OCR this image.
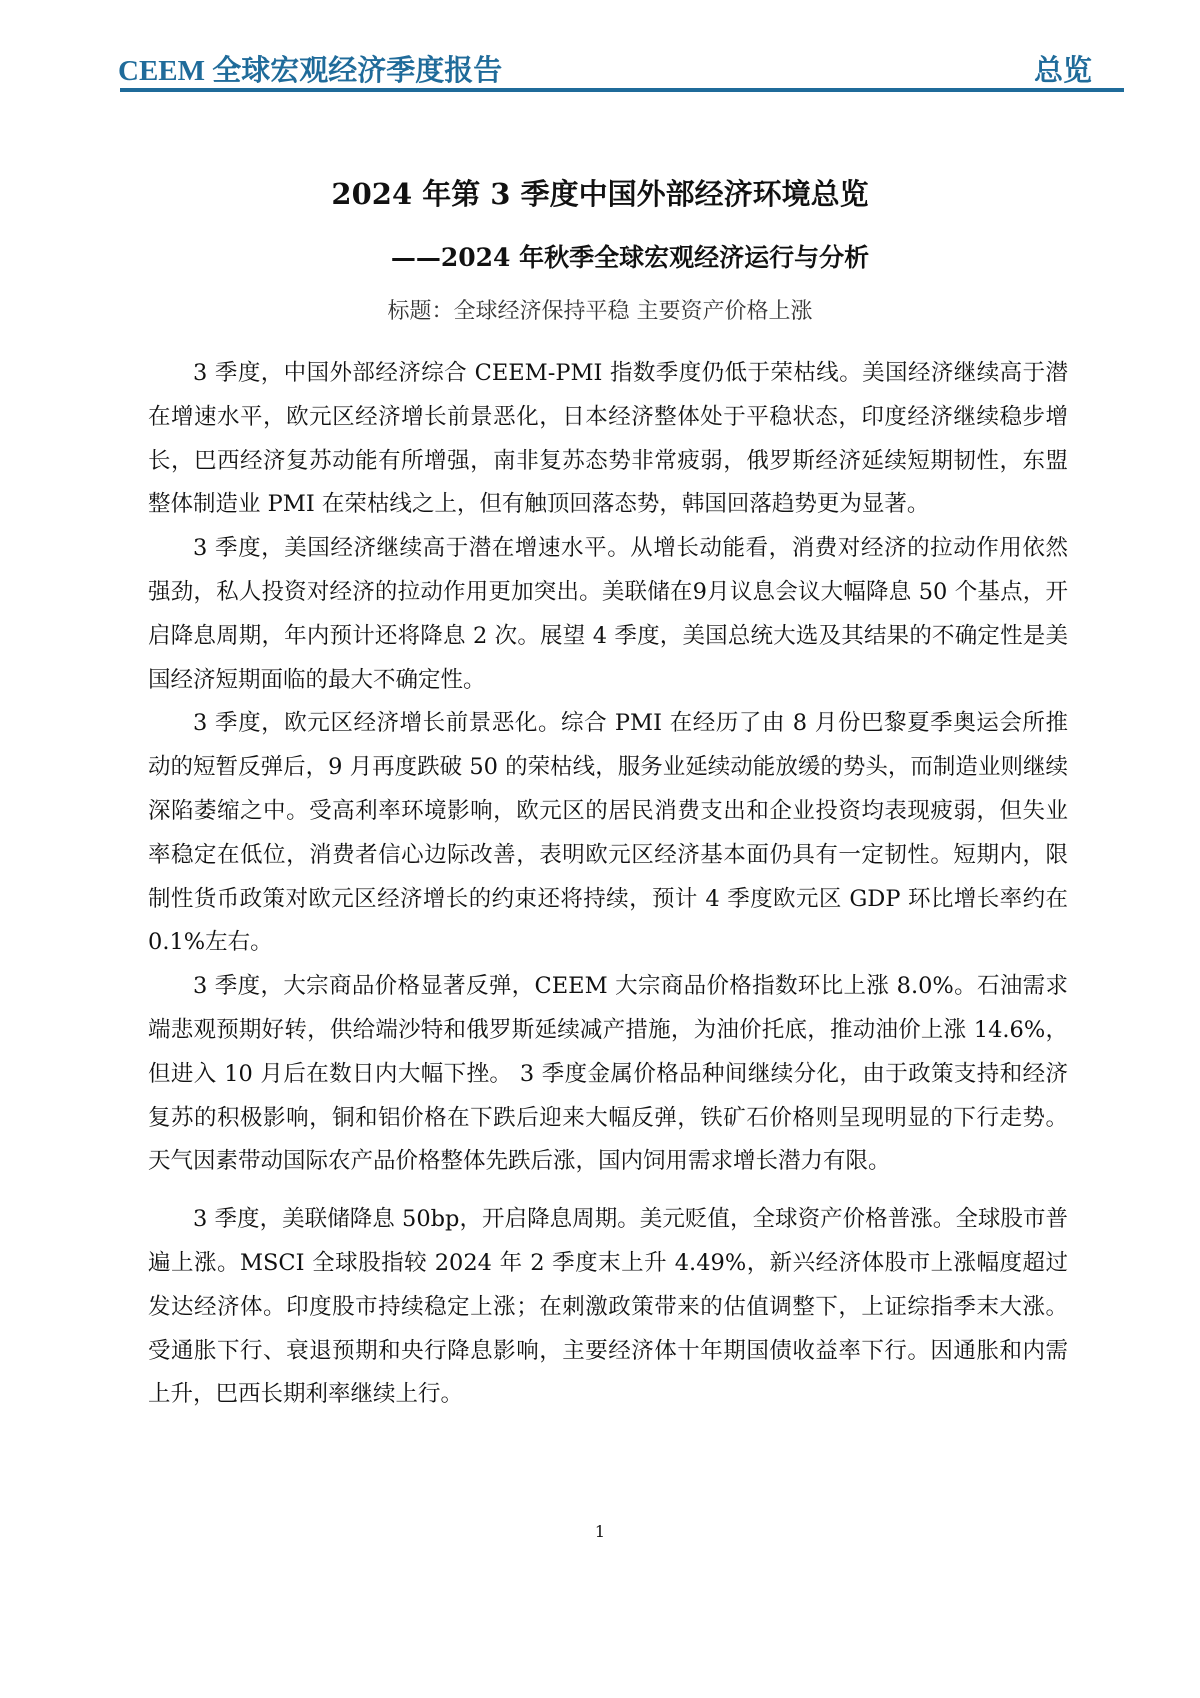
CEEM 全球宏观经济季度报告	总览
2024 年第 3 季度中国外部经济环境总览
——2024 年秋季全球宏观经济运行与分析
标题：全球经济保持平稳 主要资产价格上涨

3 季度，中国外部经济综合 CEEM-PMI 指数季度仍低于荣枯线。美国经济继续高于潜在增速水平，欧元区经济增长前景恶化，日本经济整体处于平稳状态，印度经济继续稳步增长，巴西经济复苏动能有所增强，南非复苏态势非常疲弱，俄罗斯经济延续短期韧性，东盟整体制造业 PMI 在荣枯线之上，但有触顶回落态势，韩国回落趋势更为显著。

3 季度，美国经济继续高于潜在增速水平。从增长动能看，消费对经济的拉动作用依然强劲，私人投资对经济的拉动作用更加突出。美联储在9月议息会议大幅降息 50 个基点，开启降息周期，年内预计还将降息 2 次。展望 4 季度，美国总统大选及其结果的不确定性是美国经济短期面临的最大不确定性。

3 季度，欧元区经济增长前景恶化。综合 PMI 在经历了由 8 月份巴黎夏季奥运会所推动的短暂反弹后，9 月再度跌破 50 的荣枯线，服务业延续动能放缓的势头，而制造业则继续深陷萎缩之中。受高利率环境影响，欧元区的居民消费支出和企业投资均表现疲弱，但失业率稳定在低位，消费者信心边际改善，表明欧元区经济基本面仍具有一定韧性。短期内，限制性货币政策对欧元区经济增长的约束还将持续，预计 4 季度欧元区 GDP 环比增长率约在 0.1%左右。

3 季度，大宗商品价格显著反弹，CEEM 大宗商品价格指数环比上涨 8.0%。石油需求端悲观预期好转，供给端沙特和俄罗斯延续减产措施，为油价托底，推动油价上涨 14.6%，但进入 10 月后在数日内大幅下挫。 3 季度金属价格品种间继续分化，由于政策支持和经济复苏的积极影响，铜和铝价格在下跌后迎来大幅反弹，铁矿石价格则呈现明显的下行走势。天气因素带动国际农产品价格整体先跌后涨，国内饲用需求增长潜力有限。

3 季度，美联储降息 50bp，开启降息周期。美元贬值，全球资产价格普涨。全球股市普遍上涨。MSCI 全球股指较 2024 年 2 季度末上升 4.49%，新兴经济体股市上涨幅度超过发达经济体。印度股市持续稳定上涨；在刺激政策带来的估值调整下，上证综指季末大涨。受通胀下行、衰退预期和央行降息影响，主要经济体十年期国债收益率下行。因通胀和内需上升，巴西长期利率继续上行。

1
